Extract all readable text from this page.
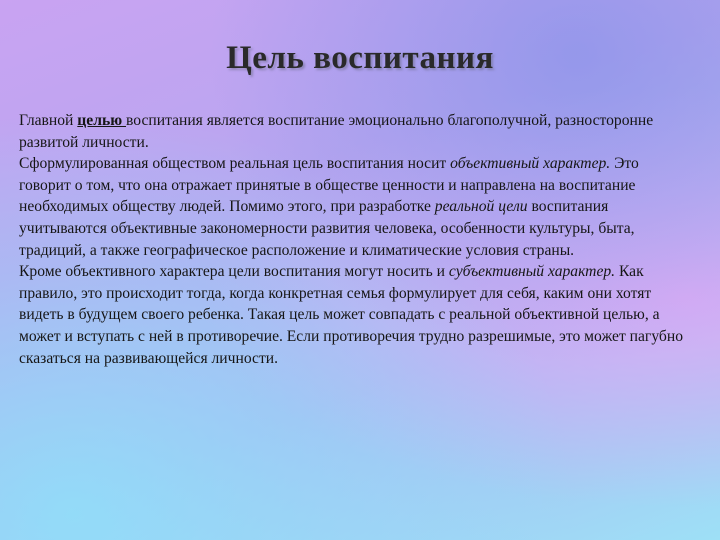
Цель воспитания

Главной целью воспитания является воспитание эмоционально благополучной, разносторонне развитой личности.

Сформулированная обществом реальная цель воспитания носит объективный характер. Это говорит о том, что она отражает принятые в обществе ценности и направлена на воспитание необходимых обществу людей. Помимо этого, при разработке реальной цели воспитания учитываются объективные закономерности развития человека, особенности культуры, быта, традиций, а также географическое расположение и климатические условия страны.

Кроме объективного характера цели воспитания могут носить и субъективный характер. Как правило, это происходит тогда, когда конкретная семья формулирует для себя, каким они хотят видеть в будущем своего ребенка. Такая цель может совпадать с реальной объективной целью, а может и вступать с ней в противоречие. Если противоречия трудно разрешимые, это может пагубно сказаться на развивающейся личности.
